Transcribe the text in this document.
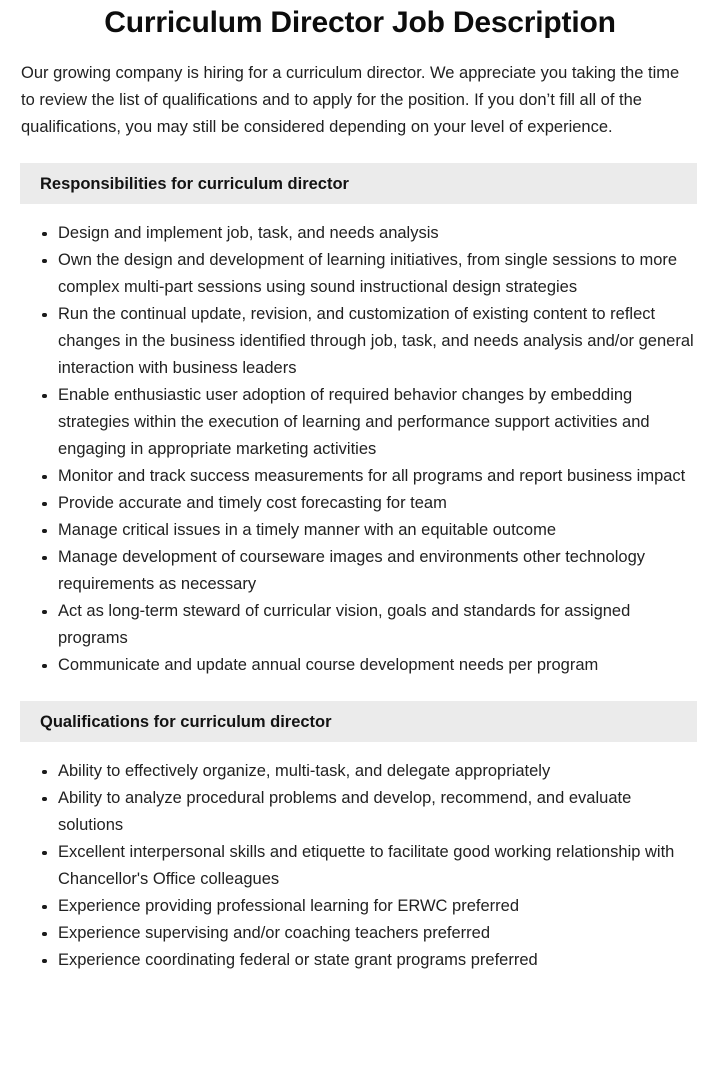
Curriculum Director Job Description

Our growing company is hiring for a curriculum director. We appreciate you taking the time to review the list of qualifications and to apply for the position. If you don’t fill all of the qualifications, you may still be considered depending on your level of experience.

Responsibilities for curriculum director
Design and implement job, task, and needs analysis
Own the design and development of learning initiatives, from single sessions to more complex multi-part sessions using sound instructional design strategies
Run the continual update, revision, and customization of existing content to reflect changes in the business identified through job, task, and needs analysis and/or general interaction with business leaders
Enable enthusiastic user adoption of required behavior changes by embedding strategies within the execution of learning and performance support activities and engaging in appropriate marketing activities
Monitor and track success measurements for all programs and report business impact
Provide accurate and timely cost forecasting for team
Manage critical issues in a timely manner with an equitable outcome
Manage development of courseware images and environments other technology requirements as necessary
Act as long-term steward of curricular vision, goals and standards for assigned programs
Communicate and update annual course development needs per program
Qualifications for curriculum director
Ability to effectively organize, multi-task, and delegate appropriately
Ability to analyze procedural problems and develop, recommend, and evaluate solutions
Excellent interpersonal skills and etiquette to facilitate good working relationship with Chancellor's Office colleagues
Experience providing professional learning for ERWC preferred
Experience supervising and/or coaching teachers preferred
Experience coordinating federal or state grant programs preferred
